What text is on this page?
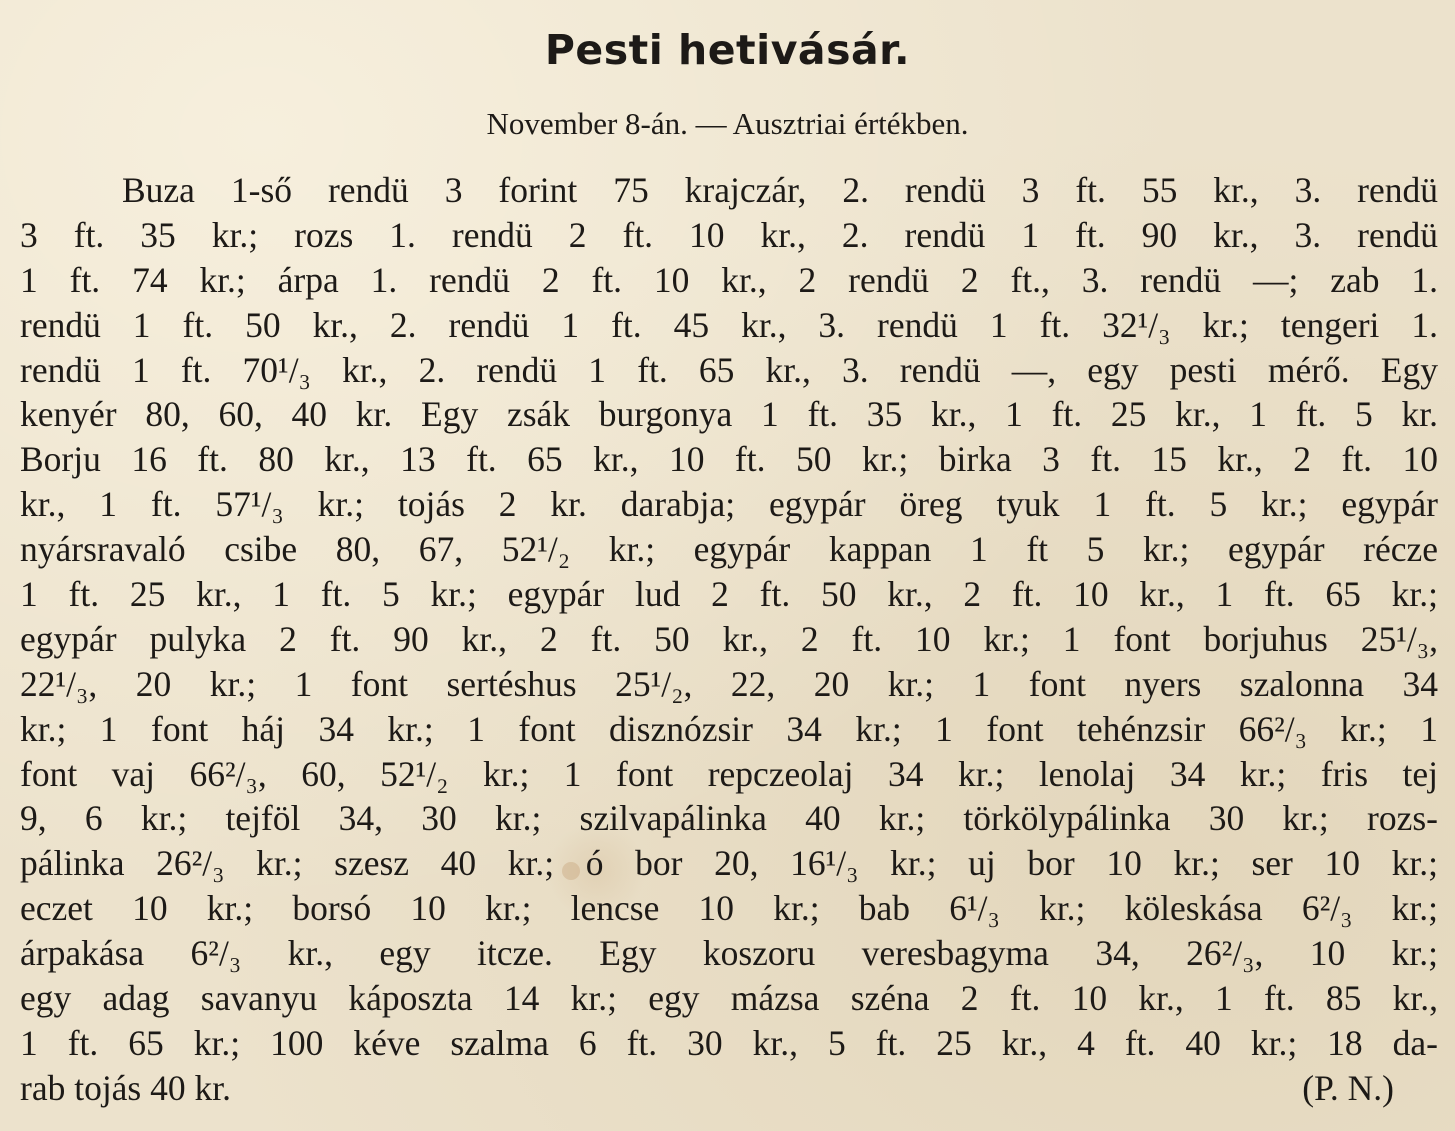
Pesti hetivásár.
November 8-án. — Ausztriai értékben.
Buza 1-ső rendü 3 forint 75 krajczár, 2. rendü 3 ft. 55 kr., 3. rendü
3 ft. 35 kr.; rozs 1. rendü 2 ft. 10 kr., 2. rendü 1 ft. 90 kr., 3. rendü
1 ft. 74 kr.; árpa 1. rendü 2 ft. 10 kr., 2 rendü 2 ft., 3. rendü —; zab 1.
rendü 1 ft. 50 kr., 2. rendü 1 ft. 45 kr., 3. rendü 1 ft. 32¹/₃ kr.; tengeri 1.
rendü 1 ft. 70¹/₃ kr., 2. rendü 1 ft. 65 kr., 3. rendü —, egy pesti mérő. Egy
kenyér 80, 60, 40 kr. Egy zsák burgonya 1 ft. 35 kr., 1 ft. 25 kr., 1 ft. 5 kr.
Borju 16 ft. 80 kr., 13 ft. 65 kr., 10 ft. 50 kr.; birka 3 ft. 15 kr., 2 ft. 10
kr., 1 ft. 57¹/₃ kr.; tojás 2 kr. darabja; egypár öreg tyuk 1 ft. 5 kr.; egypár
nyársravaló csibe 80, 67, 52¹/₂ kr.; egypár kappan 1 ft 5 kr.; egypár récze
1 ft. 25 kr., 1 ft. 5 kr.; egypár lud 2 ft. 50 kr., 2 ft. 10 kr., 1 ft. 65 kr.;
egypár pulyka 2 ft. 90 kr., 2 ft. 50 kr., 2 ft. 10 kr.; 1 font borjuhus 25¹/₃,
22¹/₃, 20 kr.; 1 font sertéshus 25¹/₂, 22, 20 kr.; 1 font nyers szalonna 34
kr.; 1 font háj 34 kr.; 1 font disznózsir 34 kr.; 1 font tehénzsir 66²/₃ kr.; 1
font vaj 66²/₃, 60, 52¹/₂ kr.; 1 font repczeolaj 34 kr.; lenolaj 34 kr.; fris tej
9, 6 kr.; tejföl 34, 30 kr.; szilvapálinka 40 kr.; törkölypálinka 30 kr.; rozs-
pálinka 26²/₃ kr.; szesz 40 kr.; ó bor 20, 16¹/₃ kr.; uj bor 10 kr.; ser 10 kr.;
eczet 10 kr.; borsó 10 kr.; lencse 10 kr.; bab 6¹/₃ kr.; köleskása 6²/₃ kr.;
árpakása 6²/₃ kr., egy itcze. Egy koszoru veresbagyma 34, 26²/₃, 10 kr.;
egy adag savanyu káposzta 14 kr.; egy mázsa széna 2 ft. 10 kr., 1 ft. 85 kr.,
1 ft. 65 kr.; 100 kéve szalma 6 ft. 30 kr., 5 ft. 25 kr., 4 ft. 40 kr.; 18 da-
rab tojás 40 kr.	(P. N.)
